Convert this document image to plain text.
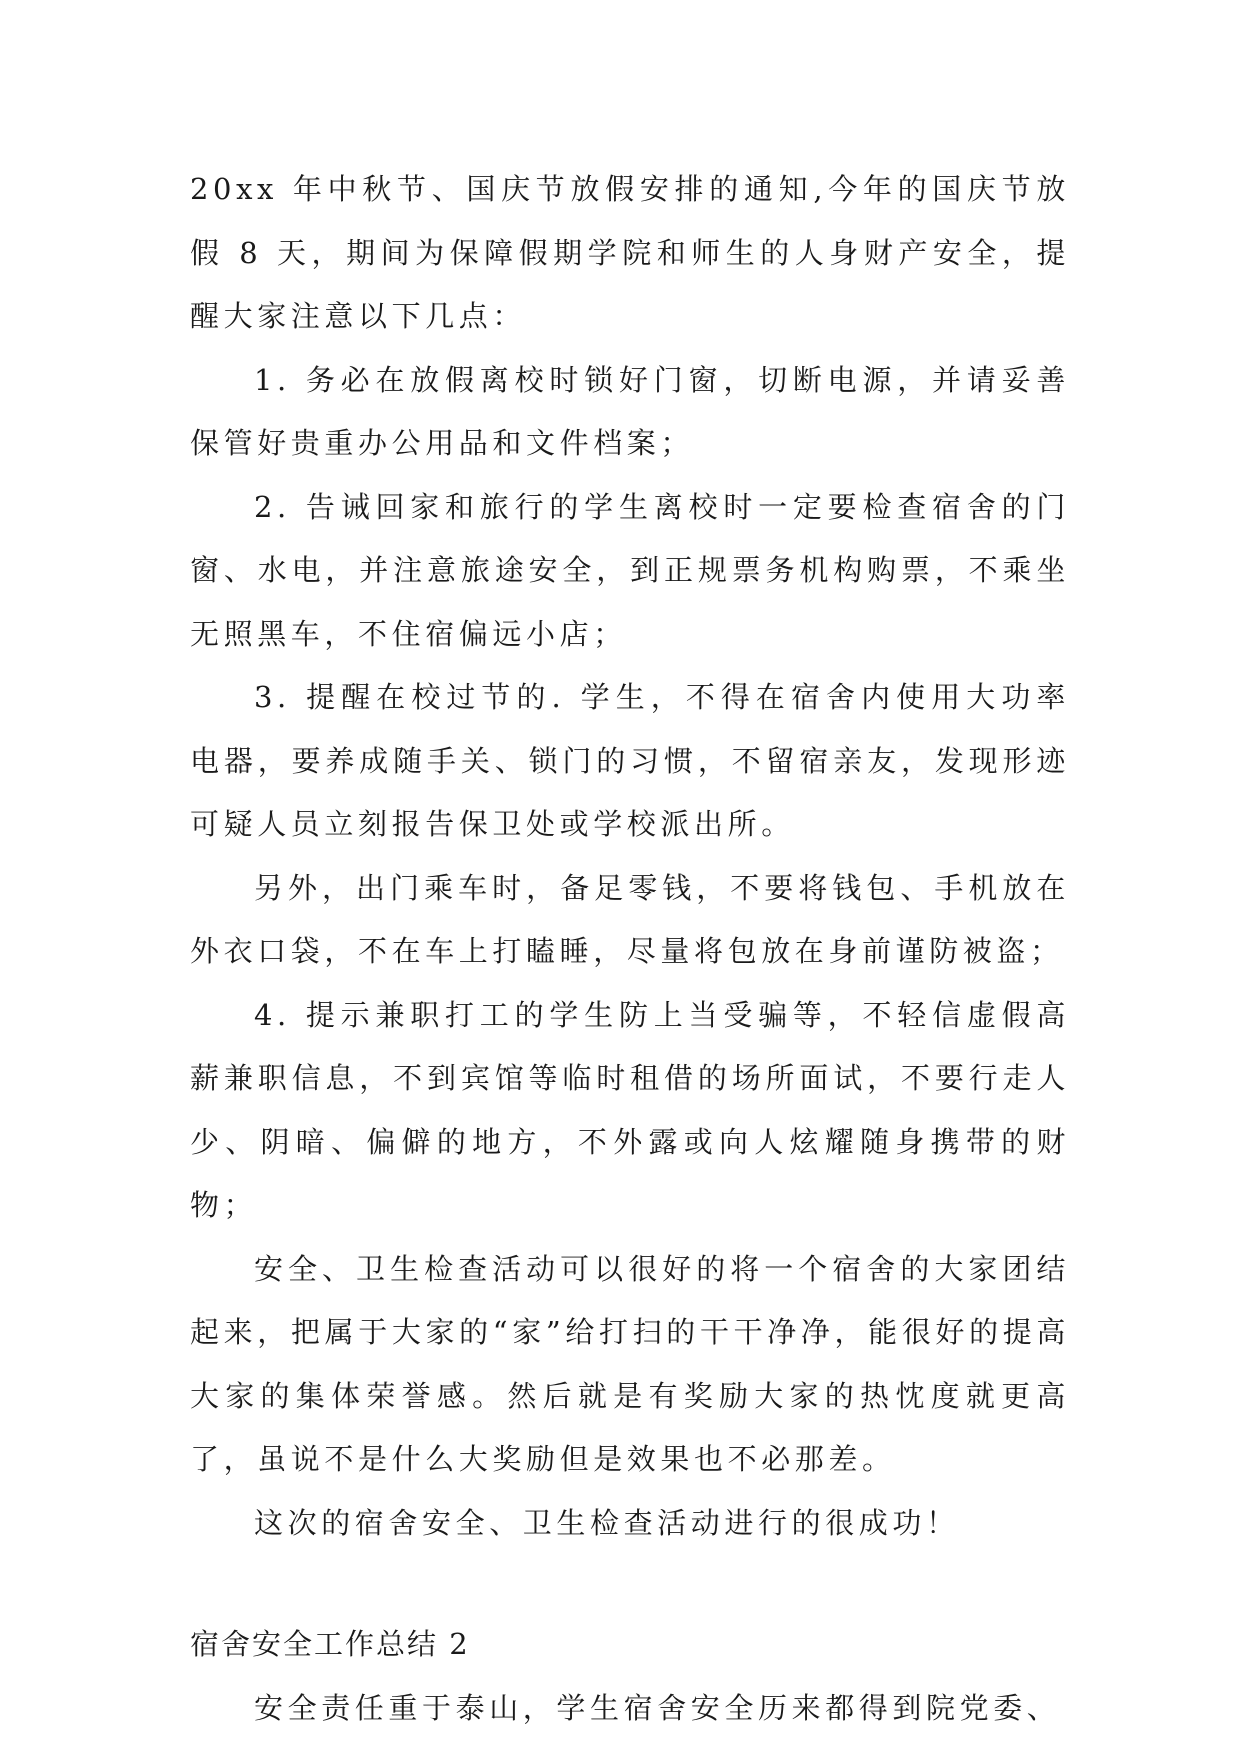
20xx 年中秋节、国庆节放假安排的通知,今年的国庆节放假 8 天，期间为保障假期学院和师生的人身财产安全，提醒大家注意以下几点：

1. 务必在放假离校时锁好门窗，切断电源，并请妥善保管好贵重办公用品和文件档案；

2. 告诫回家和旅行的学生离校时一定要检查宿舍的门窗、水电，并注意旅途安全，到正规票务机构购票，不乘坐无照黑车，不住宿偏远小店；

3. 提醒在校过节的. 学生，不得在宿舍内使用大功率电器，要养成随手关、锁门的习惯，不留宿亲友，发现形迹可疑人员立刻报告保卫处或学校派出所。

另外，出门乘车时，备足零钱，不要将钱包、手机放在外衣口袋，不在车上打瞌睡，尽量将包放在身前谨防被盗；

4. 提示兼职打工的学生防上当受骗等，不轻信虚假高薪兼职信息，不到宾馆等临时租借的场所面试，不要行走人少、阴暗、偏僻的地方，不外露或向人炫耀随身携带的财物；

安全、卫生检查活动可以很好的将一个宿舍的大家团结起来，把属于大家的“家”给打扫的干干净净，能很好的提高大家的集体荣誉感。然后就是有奖励大家的热忱度就更高了，虽说不是什么大奖励但是效果也不必那差。

这次的宿舍安全、卫生检查活动进行的很成功！

宿舍安全工作总结 2

安全责任重于泰山，学生宿舍安全历来都得到院党委、
